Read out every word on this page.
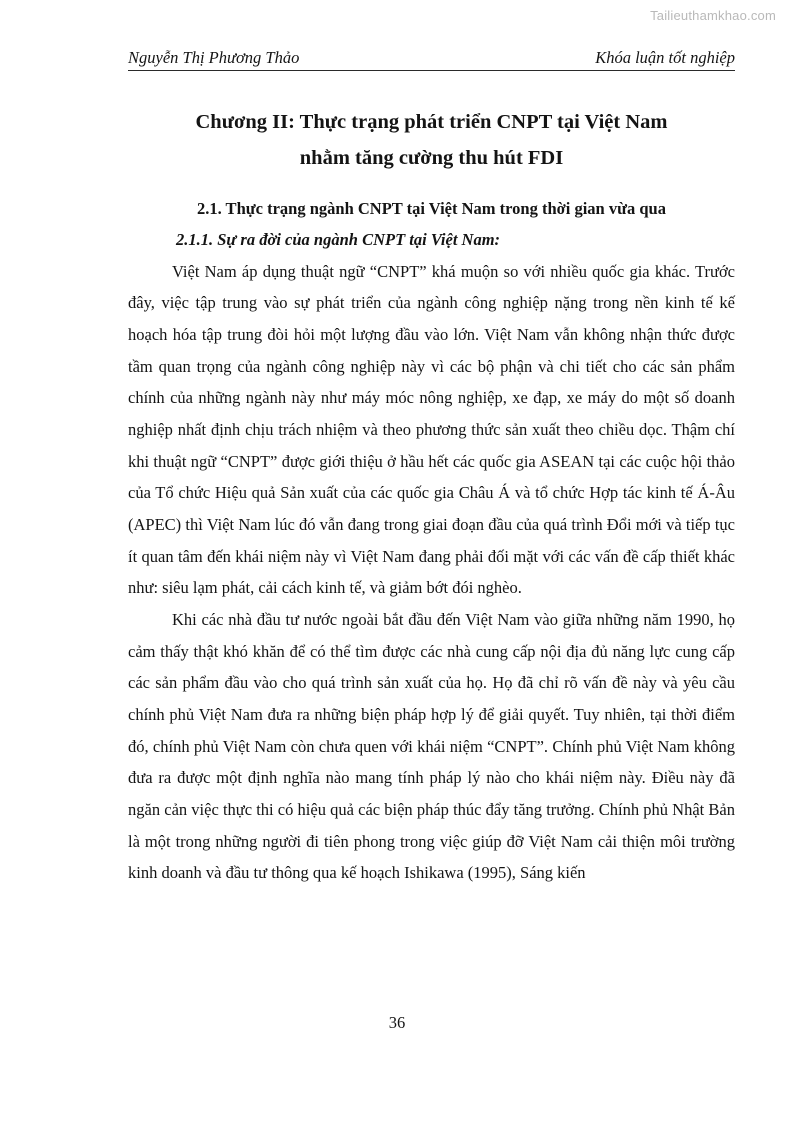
Tailieuthamkhao.com
Nguyễn Thị Phương Thảo	Khóa luận tốt nghiệp
Chương II: Thực trạng phát triển CNPT tại Việt Nam
nhằm tăng cường thu hút FDI
2.1. Thực trạng ngành CNPT tại Việt Nam trong thời gian vừa qua
2.1.1. Sự ra đời của ngành CNPT tại Việt Nam:

Việt Nam áp dụng thuật ngữ “CNPT” khá muộn so với nhiều quốc gia khác. Trước đây, việc tập trung vào sự phát triển của ngành công nghiệp nặng trong nền kinh tế kế hoạch hóa tập trung đòi hỏi một lượng đầu vào lớn. Việt Nam vẫn không nhận thức được tầm quan trọng của ngành công nghiệp này vì các bộ phận và chi tiết cho các sản phẩm chính của những ngành này như máy móc nông nghiệp, xe đạp, xe máy do một số doanh nghiệp nhất định chịu trách nhiệm và theo phương thức sản xuất theo chiều dọc. Thậm chí khi thuật ngữ “CNPT” được giới thiệu ở hầu hết các quốc gia ASEAN tại các cuộc hội thảo của Tổ chức Hiệu quả Sản xuất của các quốc gia Châu Á và tổ chức Hợp tác kinh tế Á-Âu (APEC) thì Việt Nam lúc đó vẫn đang trong giai đoạn đầu của quá trình Đổi mới và tiếp tục ít quan tâm đến khái niệm này vì Việt Nam đang phải đối mặt với các vấn đề cấp thiết khác như: siêu lạm phát, cải cách kinh tế, và giảm bớt đói nghèo.

Khi các nhà đầu tư nước ngoài bắt đầu đến Việt Nam vào giữa những năm 1990, họ cảm thấy thật khó khăn để có thể tìm được các nhà cung cấp nội địa đủ năng lực cung cấp các sản phẩm đầu vào cho quá trình sản xuất của họ. Họ đã chỉ rõ vấn đề này và yêu cầu chính phủ Việt Nam đưa ra những biện pháp hợp lý để giải quyết. Tuy nhiên, tại thời điểm đó, chính phủ Việt Nam còn chưa quen với khái niệm “CNPT”. Chính phủ Việt Nam không đưa ra được một định nghĩa nào mang tính pháp lý nào cho khái niệm này. Điều này đã ngăn cản việc thực thi có hiệu quả các biện pháp thúc đẩy tăng trưởng. Chính phủ Nhật Bản là một trong những người đi tiên phong trong việc giúp đỡ Việt Nam cải thiện môi trường kinh doanh và đầu tư thông qua kế hoạch Ishikawa (1995), Sáng kiến

36
